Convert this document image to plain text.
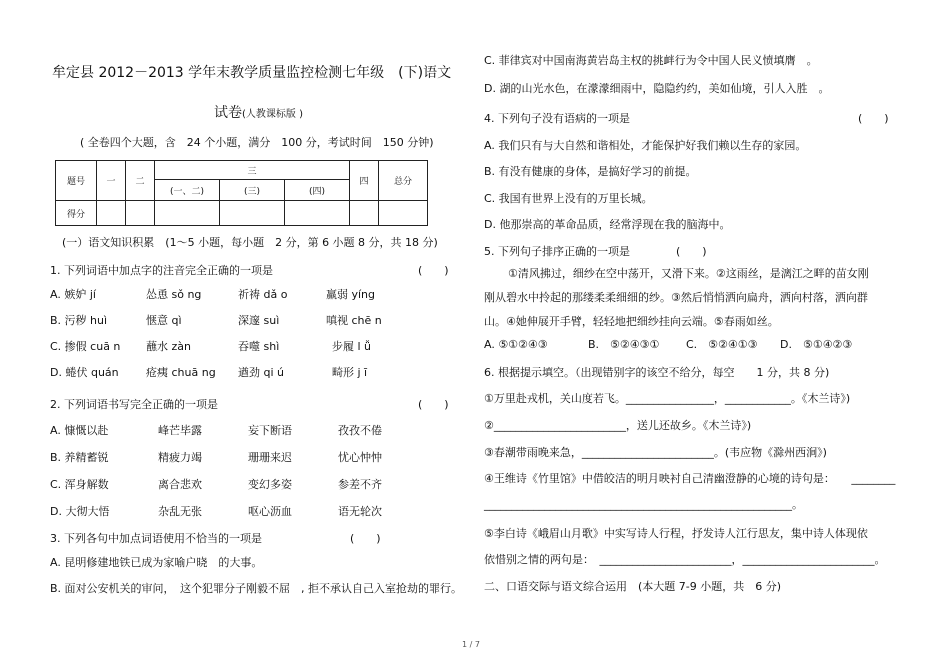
牟定县 2012－2013 学年末教学质量监控检测七年级　(下)语文
试卷(人教课标版 )
( 全卷四个大题，含　24 个小题，满分　100 分，考试时间　150 分钟)
题号	一	二	三			四	总分
			(一、二)	(三)	(四)		
得分							
(一）语文知识积累　(1～5 小题，每小题　2 分，第 6 小题 8 分，共 18 分)
1. 下列词语中加点字的注音完全正确的一项是	(　　)
A. 嫉妒 jí	怂恿 sǒ ng	祈祷 dǎ o	羸弱 yíng
B. 污秽 huì	惬意 qì	深邃 suì	嗔视 chē n
C. 掺假 cuā n 蘸水 zàn	吞噬 shì	步履 l ǚ
D. 蜷伏 quán 疮痍 chuā ng 遒劲 qi ú	畸形 j ī
2. 下列词语书写完全正确的一项是	(　　)
A. 慷慨以赴	峰芒毕露	妄下断语	孜孜不倦
B. 养精蓄锐	精疲力竭	珊珊来迟	忧心忡忡
C. 浑身解数	离合悲欢	变幻多姿	参差不齐
D. 大彻大悟	杂乱无张	呕心沥血	语无轮次
3. 下列各句中加点词语使用不恰当的一项是	(　　)
A. 昆明修建地铁已成为家喻户晓　的大事。
B. 面对公安机关的审问，　这个犯罪分子刚毅不屈　, 拒不承认自己入室抢劫的罪行。
C. 菲律宾对中国南海黄岩岛主权的挑衅行为令中国人民义愤填膺　。
D. 湖的山光水色，在濛濛细雨中，隐隐约约，美如仙境，引人入胜　。
4. 下列句子没有语病的一项是	(　　)
A. 我们只有与大自然和谐相处，才能保护好我们赖以生存的家园。
B. 有没有健康的身体，是搞好学习的前提。
C. 我国有世界上没有的万里长城。
D. 他那崇高的革命品质，经常浮现在我的脑海中。
5. 下列句子排序正确的一项是	(　　)
①清风拂过，细纱在空中荡开，又滑下来。②这雨丝，是漓江之畔的苗女刚
刚从碧水中拎起的那缕柔柔细细的纱。③然后悄悄洒向扁舟，洒向村落，洒向群
山。④她伸展开手臂，轻轻地把细纱挂向云端。⑤春雨如丝。
A. ⑤①②④③	B.　⑤②④③① C.　⑤②④①③ D.　⑤①④②③
6. 根据提示填空。（出现错别字的该空不给分，每空　　1 分，共 8 分)
①万里赴戎机，关山度若飞。________________，____________。《木兰诗》)
②________________________，送儿还故乡。《木兰诗》)
③春潮带雨晚来急，________________________。(韦应物《滁州西涧》)
④王维诗《竹里馆》中借皎洁的明月映衬自己清幽澄静的心境的诗句是：　　________
________________________________________________________。
⑤李白诗《峨眉山月歌》中实写诗人行程，抒发诗人江行思友，集中诗人体现依
依惜别之情的两句是：　________________________，________________________。
二、口语交际与语文综合运用　(本大题 7-9 小题，共　6 分)
1 / 7
